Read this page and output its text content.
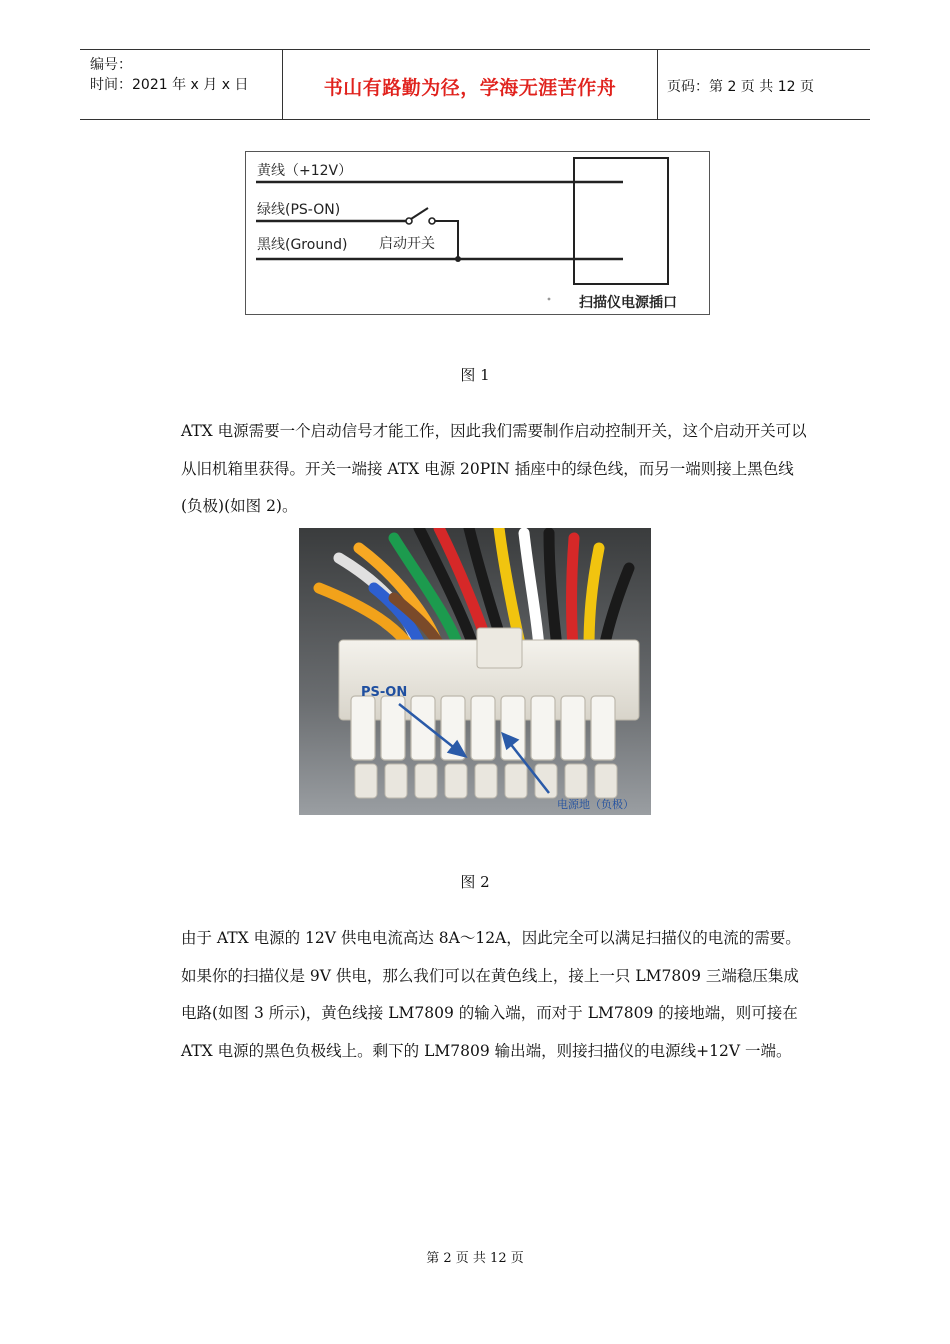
编号：
时间：2021 年 x 月 x 日	书山有路勤为径，学海无涯苦作舟	页码：第 2 页 共 12 页
黄线（+12V）
绿线(PS-ON)
黑线(Ground) 启动开关
扫描仪电源插口
图 1

ATX 电源需要一个启动信号才能工作，因此我们需要制作启动控制开关，这个启动开关可以从旧机箱里获得。开关一端接 ATX 电源 20PIN 插座中的绿色线，而另一端则接上黑色线(负极)(如图 2)。

PS-ON
电源地（负极）
图 2

由于 ATX 电源的 12V 供电电流高达 8A～12A，因此完全可以满足扫描仪的电流的需要。如果你的扫描仪是 9V 供电，那么我们可以在黄色线上，接上一只 LM7809 三端稳压集成电路(如图 3 所示)，黄色线接 LM7809 的输入端，而对于 LM7809 的接地端，则可接在 ATX 电源的黑色负极线上。剩下的 LM7809 输出端，则接扫描仪的电源线+12V 一端。

第 2 页 共 12 页
